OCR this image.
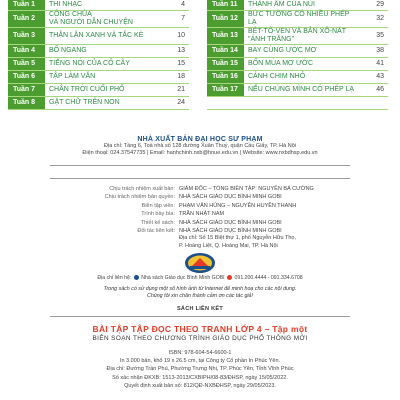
Tuần 1	THI NHẠC	4		Tuần 11	THÀNH ÂM CỦA NÚI	29
Tuần 2	CÔNG CHÚA
VÀ NGƯỜI DẪN CHUYỆN	7		Tuần 12	BỨC TƯỜNG CÓ NHIỀU PHÉP LẠ	32
Tuần 3	THẰN LẰN XANH VÀ TẮC KÈ	10		Tuần 13	BÉT-TÔ-VEN VÀ BẢN XÔ-NÁT "ÁNH TRĂNG"	35
Tuần 4	BỐ NGANG	13		Tuần 14	BAY CÙNG ƯỚC MƠ	38
Tuần 5	TIẾNG NÓI CỦA CỎ CÂY	15		Tuần 15	BỐN MÙA MƠ ƯỚC	41
Tuần 6	TẬP LÀM VĂN	18		Tuần 16	CÁNH CHIM NHỎ	43
Tuần 7	CHÂN TRỜI CUỐI PHỐ	21		Tuần 17	NẾU CHÚNG MÌNH CÓ PHÉP LẠ	46
Tuần 8	GẶT CHỮ TRÊN NON	24				
NHÀ XUẤT BẢN ĐẠI HỌC SƯ PHẠM
Địa chỉ: Tầng 6, Toà nhà số 128 đường Xuân Thuỷ, quận Cầu Giấy, TP. Hà Nội
Điện thoại: 024.37547735 | Email: hanhchinh.nxb@hnue.edu.vn | Website: www.nxbdhsp.edu.vn
Chịu trách nhiệm xuất bản: GIÁM ĐỐC – TỔNG BIÊN TẬP: NGUYỄN BÁ CƯỜNG
Chịu trách nhiệm bản quyền: NHÀ SÁCH GIÁO DỤC BÌNH MINH GOBI
Biên tập viên: PHẠM VĂN HÙNG – NGUYỄN HUYỀN THANH
Trình bày bìa: TRẦN NHẬT NAM
Thiết kế sách: NHÀ SÁCH GIÁO DỤC BÌNH MINH GOBI
Đối tác liên kết: NHÀ SÁCH GIÁO DỤC BÌNH MINH GOBI
Địa chỉ: Số 15 Biệt thự 1, phố Nguyễn Hữu Thọ,
P. Hoàng Liệt, Q. Hoàng Mai, TP. Hà Nội
Địa chỉ liên hệ: Nhà sách Giáo dục Bình Minh GOBI 091.200.4444 - 091.334.6708
Trong sách có sử dụng một số hình ảnh từ Internet để minh hoạ cho các nội dung.
Chúng tôi xin chân thành cảm ơn các tác giả!
SÁCH LIÊN KẾT
BÀI TẬP TẬP ĐỌC THEO TRANH LỚP 4 – Tập một
BIÊN SOẠN THEO CHƯƠNG TRÌNH GIÁO DỤC PHỔ THÔNG MỚI
ISBN: 978-604-54-6600-1
In 3.000 bản, khổ 19 x 26.5 cm, tại Công ty Cổ phần In Phúc Yên.
Địa chỉ: Đường Trần Phú, Phường Trưng Nhị, TP. Phúc Yên, Tỉnh Vĩnh Phúc
Số xác nhận ĐKXB: 1513-2013/CXBIPH/08-83/ĐHSP, ngày 15/05/2022.
Quyết định xuất bản số: 812/QĐ-NXBĐHSP, ngày 29/05/2023.
